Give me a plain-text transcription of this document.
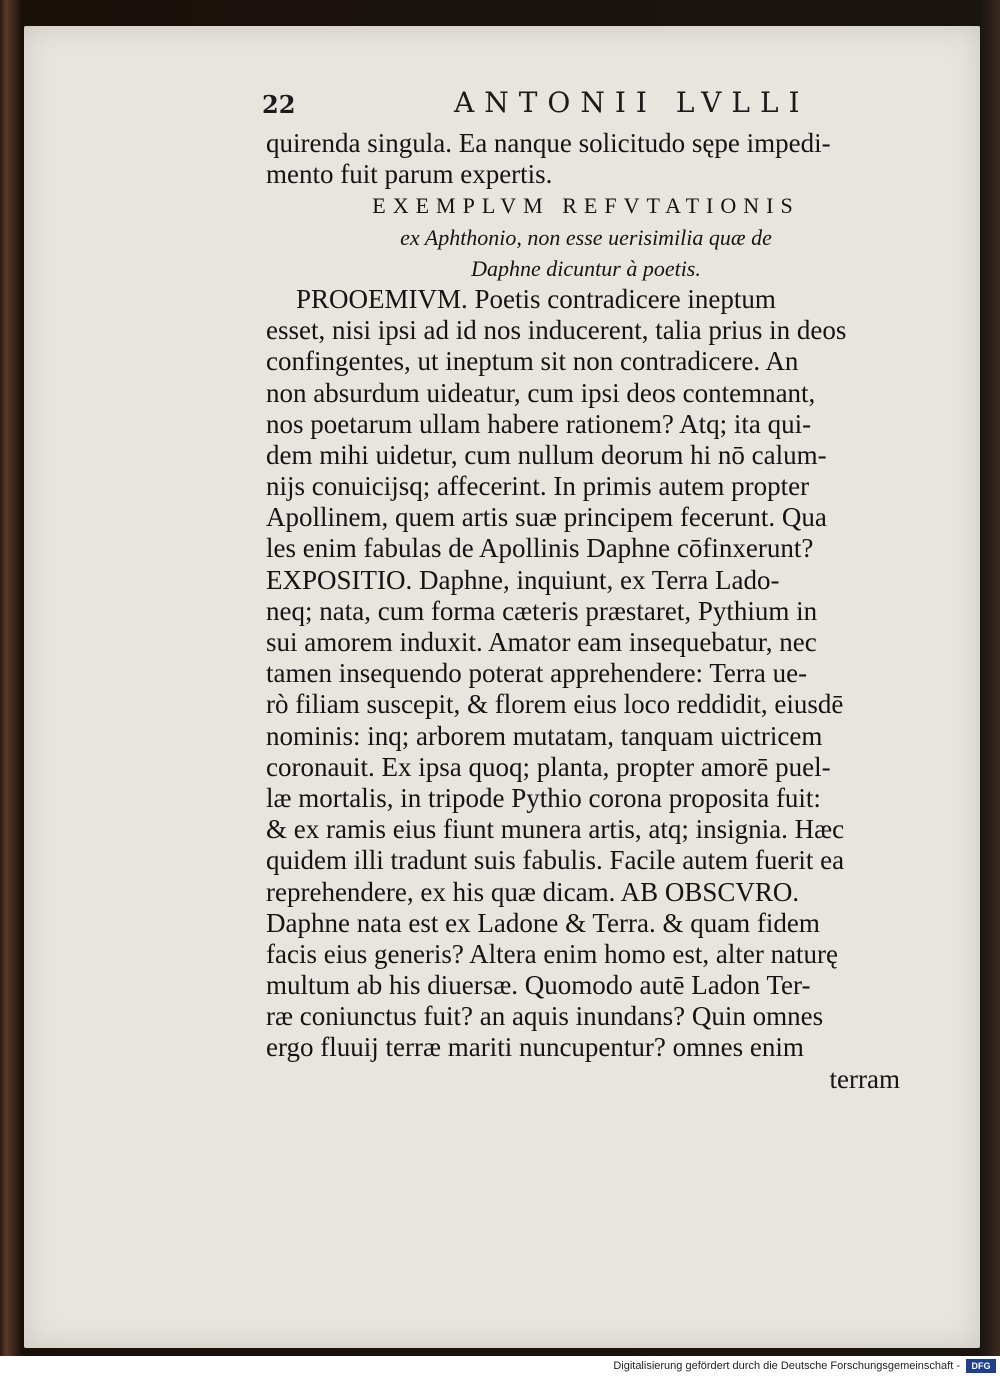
22	ANTONII LVLLI
quirenda singula. Ea nanque solicitudo sępe impedi-
mento fuit parum expertis.
EXEMPLVM REFVTATIONIS
ex Aphthonio, non esse uerisimilia quæ de
Daphne dicuntur à poetis.
PROOEMIVM. Poetis contradicere ineptum
esset, nisi ipsi ad id nos inducerent, talia prius in deos
confingentes, ut ineptum sit non contradicere. An
non absurdum uideatur, cum ipsi deos contemnant,
nos poetarum ullam habere rationem? Atq; ita qui-
dem mihi uidetur, cum nullum deorum hi nō calum-
nijs conuicijsq; affecerint. In primis autem propter
Apollinem, quem artis suæ principem fecerunt. Qua
les enim fabulas de Apollinis Daphne cōfinxerunt?
EXPOSITIO. Daphne, inquiunt, ex Terra Lado-
neq; nata, cum forma cæteris præstaret, Pythium in
sui amorem induxit. Amator eam insequebatur, nec
tamen insequendo poterat apprehendere: Terra ue-
rò filiam suscepit, & florem eius loco reddidit, eiusdē
nominis: inq; arborem mutatam, tanquam uictricem
coronauit. Ex ipsa quoq; planta, propter amorē puel-
læ mortalis, in tripode Pythio corona proposita fuit:
& ex ramis eius fiunt munera artis, atq; insignia. Hæc
quidem illi tradunt suis fabulis. Facile autem fuerit ea
reprehendere, ex his quæ dicam. AB OBSCVRO.
Daphne nata est ex Ladone & Terra. & quam fidem
facis eius generis? Altera enim homo est, alter naturę
multum ab his diuersæ. Quomodo autē Ladon Ter-
ræ coniunctus fuit? an aquis inundans? Quin omnes
ergo fluuij terræ mariti nuncupentur? omnes enim
terram
Digitalisierung gefördert durch die Deutsche Forschungsgemeinschaft -	DFG
